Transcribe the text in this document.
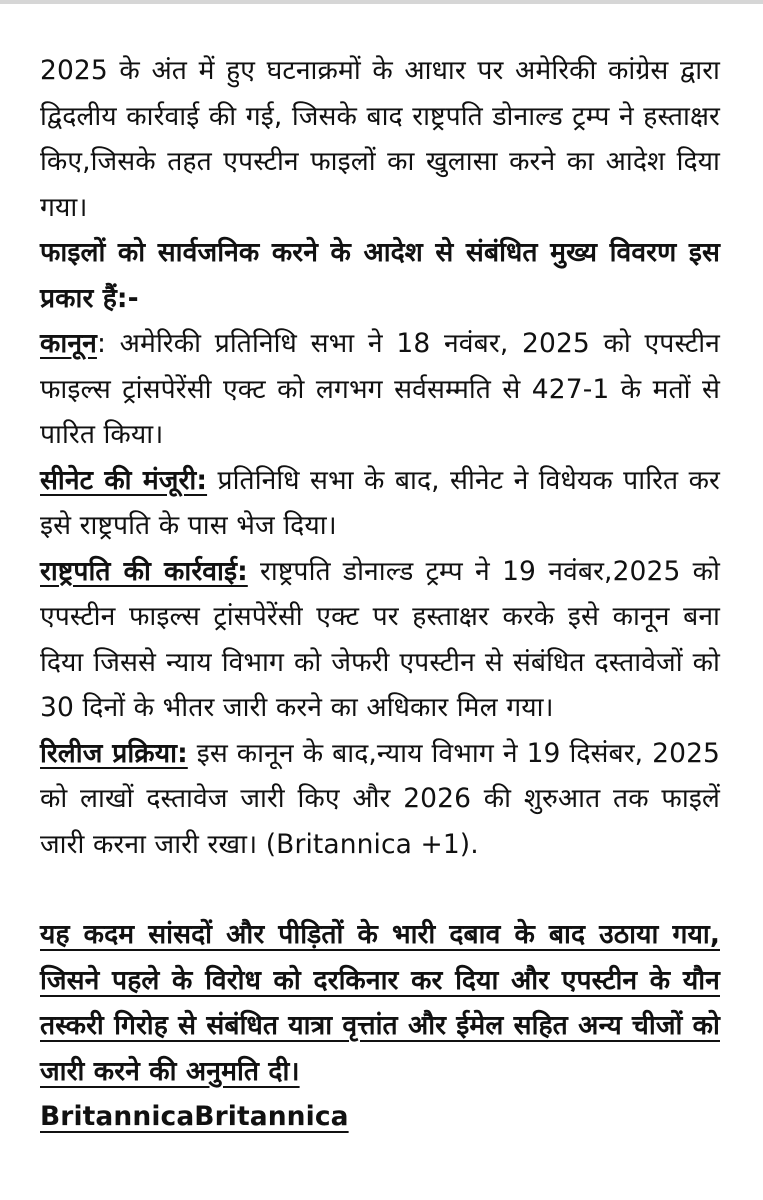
2025 के अंत में हुए घटनाक्रमों के आधार पर अमेरिकी कांग्रेस द्वारा द्विदलीय कार्रवाई की गई, जिसके बाद राष्ट्रपति डोनाल्ड ट्रम्प ने हस्ताक्षर किए,जिसके तहत एपस्टीन फाइलों का खुलासा करने का आदेश दिया गया।

फाइलों को सार्वजनिक करने के आदेश से संबंधित मुख्य विवरण इस प्रकार हैं:-

कानून: अमेरिकी प्रतिनिधि सभा ने 18 नवंबर, 2025 को एपस्टीन फाइल्स ट्रांसपेरेंसी एक्ट को लगभग सर्वसम्मति से 427-1 के मतों से पारित किया।

सीनेट की मंजूरी: प्रतिनिधि सभा के बाद, सीनेट ने विधेयक पारित कर इसे राष्ट्रपति के पास भेज दिया।

राष्ट्रपति की कार्रवाई: राष्ट्रपति डोनाल्ड ट्रम्प ने 19 नवंबर,2025 को एपस्टीन फाइल्स ट्रांसपेरेंसी एक्ट पर हस्ताक्षर करके इसे कानून बना दिया जिससे न्याय विभाग को जेफरी एपस्टीन से संबंधित दस्तावेजों को 30 दिनों के भीतर जारी करने का अधिकार मिल गया।

रिलीज प्रक्रिया: इस कानून के बाद,न्याय विभाग ने 19 दिसंबर, 2025 को लाखों दस्तावेज जारी किए और 2026 की शुरुआत तक फाइलें जारी करना जारी रखा। (Britannica +1).

यह कदम सांसदों और पीड़ितों के भारी दबाव के बाद उठाया गया, जिसने पहले के विरोध को दरकिनार कर दिया और एपस्टीन के यौन तस्करी गिरोह से संबंधित यात्रा वृत्तांत और ईमेल सहित अन्य चीजों को जारी करने की अनुमति दी।
BritannicaBritannica
